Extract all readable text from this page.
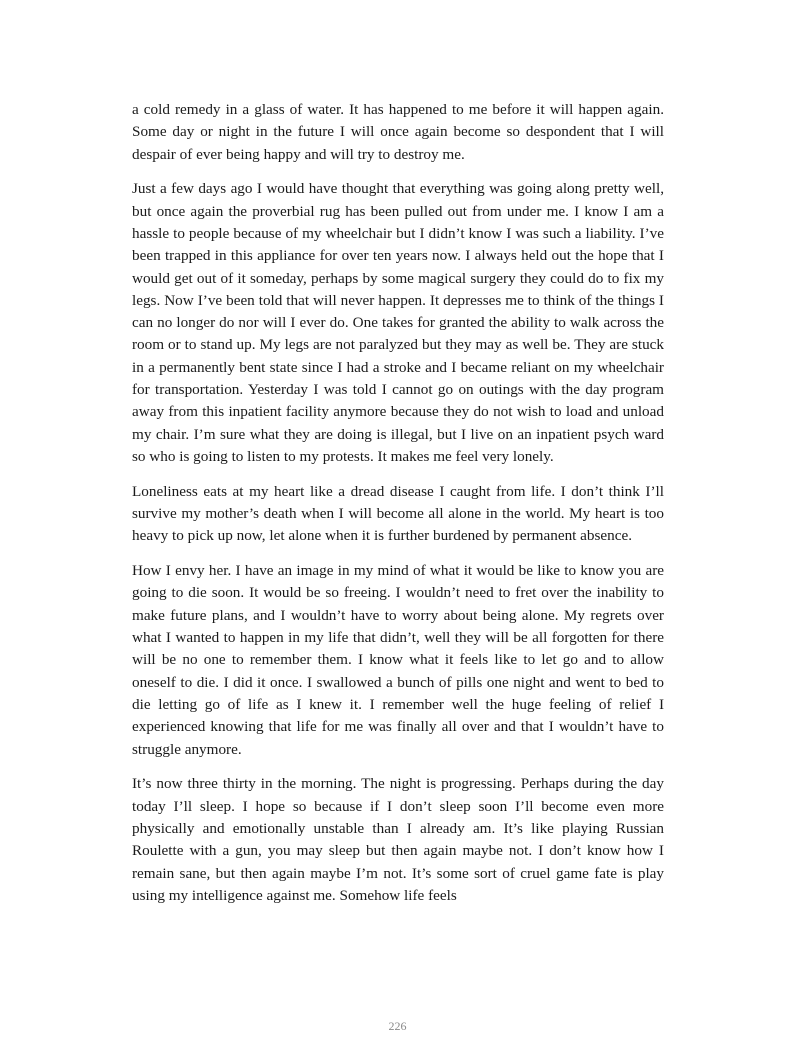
a cold remedy in a glass of water. It has happened to me before it will happen again. Some day or night in the future I will once again become so despondent that I will despair of ever being happy and will try to destroy me.

Just a few days ago I would have thought that everything was going along pretty well, but once again the proverbial rug has been pulled out from under me. I know I am a hassle to people because of my wheelchair but I didn’t know I was such a liability. I’ve been trapped in this appliance for over ten years now. I always held out the hope that I would get out of it someday, perhaps by some magical surgery they could do to fix my legs. Now I’ve been told that will never happen. It depresses me to think of the things I can no longer do nor will I ever do. One takes for granted the ability to walk across the room or to stand up. My legs are not paralyzed but they may as well be. They are stuck in a permanently bent state since I had a stroke and I became reliant on my wheelchair for transportation. Yesterday I was told I cannot go on outings with the day program away from this inpatient facility anymore because they do not wish to load and unload my chair. I’m sure what they are doing is illegal, but I live on an inpatient psych ward so who is going to listen to my protests. It makes me feel very lonely.

Loneliness eats at my heart like a dread disease I caught from life. I don’t think I’ll survive my mother’s death when I will become all alone in the world. My heart is too heavy to pick up now, let alone when it is further burdened by permanent absence.

How I envy her. I have an image in my mind of what it would be like to know you are going to die soon. It would be so freeing. I wouldn’t need to fret over the inability to make future plans, and I wouldn’t have to worry about being alone. My regrets over what I wanted to happen in my life that didn’t, well they will be all forgotten for there will be no one to remember them. I know what it feels like to let go and to allow oneself to die. I did it once. I swallowed a bunch of pills one night and went to bed to die letting go of life as I knew it. I remember well the huge feeling of relief I experienced knowing that life for me was finally all over and that I wouldn’t have to struggle anymore.

It’s now three thirty in the morning. The night is progressing. Perhaps during the day today I’ll sleep. I hope so because if I don’t sleep soon I’ll become even more physically and emotionally unstable than I already am. It’s like playing Russian Roulette with a gun, you may sleep but then again maybe not. I don’t know how I remain sane, but then again maybe I’m not. It’s some sort of cruel game fate is play using my intelligence against me. Somehow life feels

226
